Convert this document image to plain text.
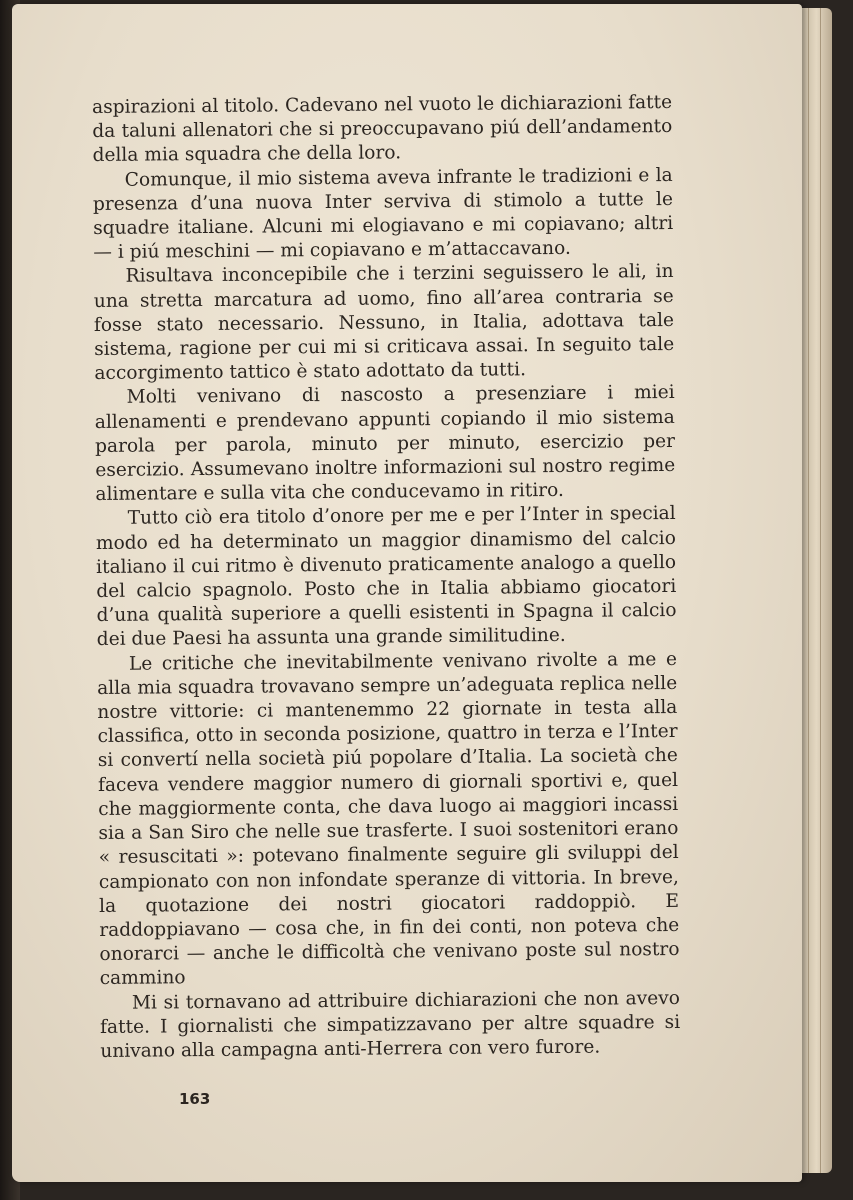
aspirazioni al titolo. Cadevano nel vuoto le dichiarazioni fatte da taluni allenatori che si preoccupavano piú dell’andamento della mia squadra che della loro.

Comunque, il mio sistema aveva infrante le tradizioni e la presenza d’una nuova Inter serviva di stimolo a tutte le squadre italiane. Alcuni mi elogiavano e mi copiavano; altri — i piú meschini — mi copiavano e m’attaccavano.

Risultava inconcepibile che i terzini seguissero le ali, in una stretta marcatura ad uomo, fino all’area contraria se fosse stato necessario. Nessuno, in Italia, adottava tale sistema, ragione per cui mi si criticava assai. In seguito tale accorgimento tattico è stato adottato da tutti.

Molti venivano di nascosto a presenziare i miei allenamenti e prendevano appunti copiando il mio sistema parola per parola, minuto per minuto, esercizio per esercizio. Assumevano inoltre informazioni sul nostro regime alimentare e sulla vita che conducevamo in ritiro.

Tutto ciò era titolo d’onore per me e per l’Inter in special modo ed ha determinato un maggior dinamismo del calcio italiano il cui ritmo è divenuto praticamente analogo a quello del calcio spagnolo. Posto che in Italia abbiamo giocatori d’una qualità superiore a quelli esistenti in Spagna il calcio dei due Paesi ha assunta una grande similitudine.

Le critiche che inevitabilmente venivano rivolte a me e alla mia squadra trovavano sempre un’adeguata replica nelle nostre vittorie: ci mantenemmo 22 giornate in testa alla classifica, otto in seconda posizione, quattro in terza e l’Inter si convertí nella società piú popolare d’Italia. La società che faceva vendere maggior numero di giornali sportivi e, quel che maggiormente conta, che dava luogo ai maggiori incassi sia a San Siro che nelle sue trasferte. I suoi sostenitori erano « resuscitati »: potevano finalmente seguire gli sviluppi del campionato con non infondate speranze di vittoria. In breve, la quotazione dei nostri giocatori raddoppiò. E raddoppiavano — cosa che, in fin dei conti, non poteva che onorarci — anche le difficoltà che venivano poste sul nostro cammino

Mi si tornavano ad attribuire dichiarazioni che non avevo fatte. I giornalisti che simpatizzavano per altre squadre si univano alla campagna anti-Herrera con vero furore.

163
